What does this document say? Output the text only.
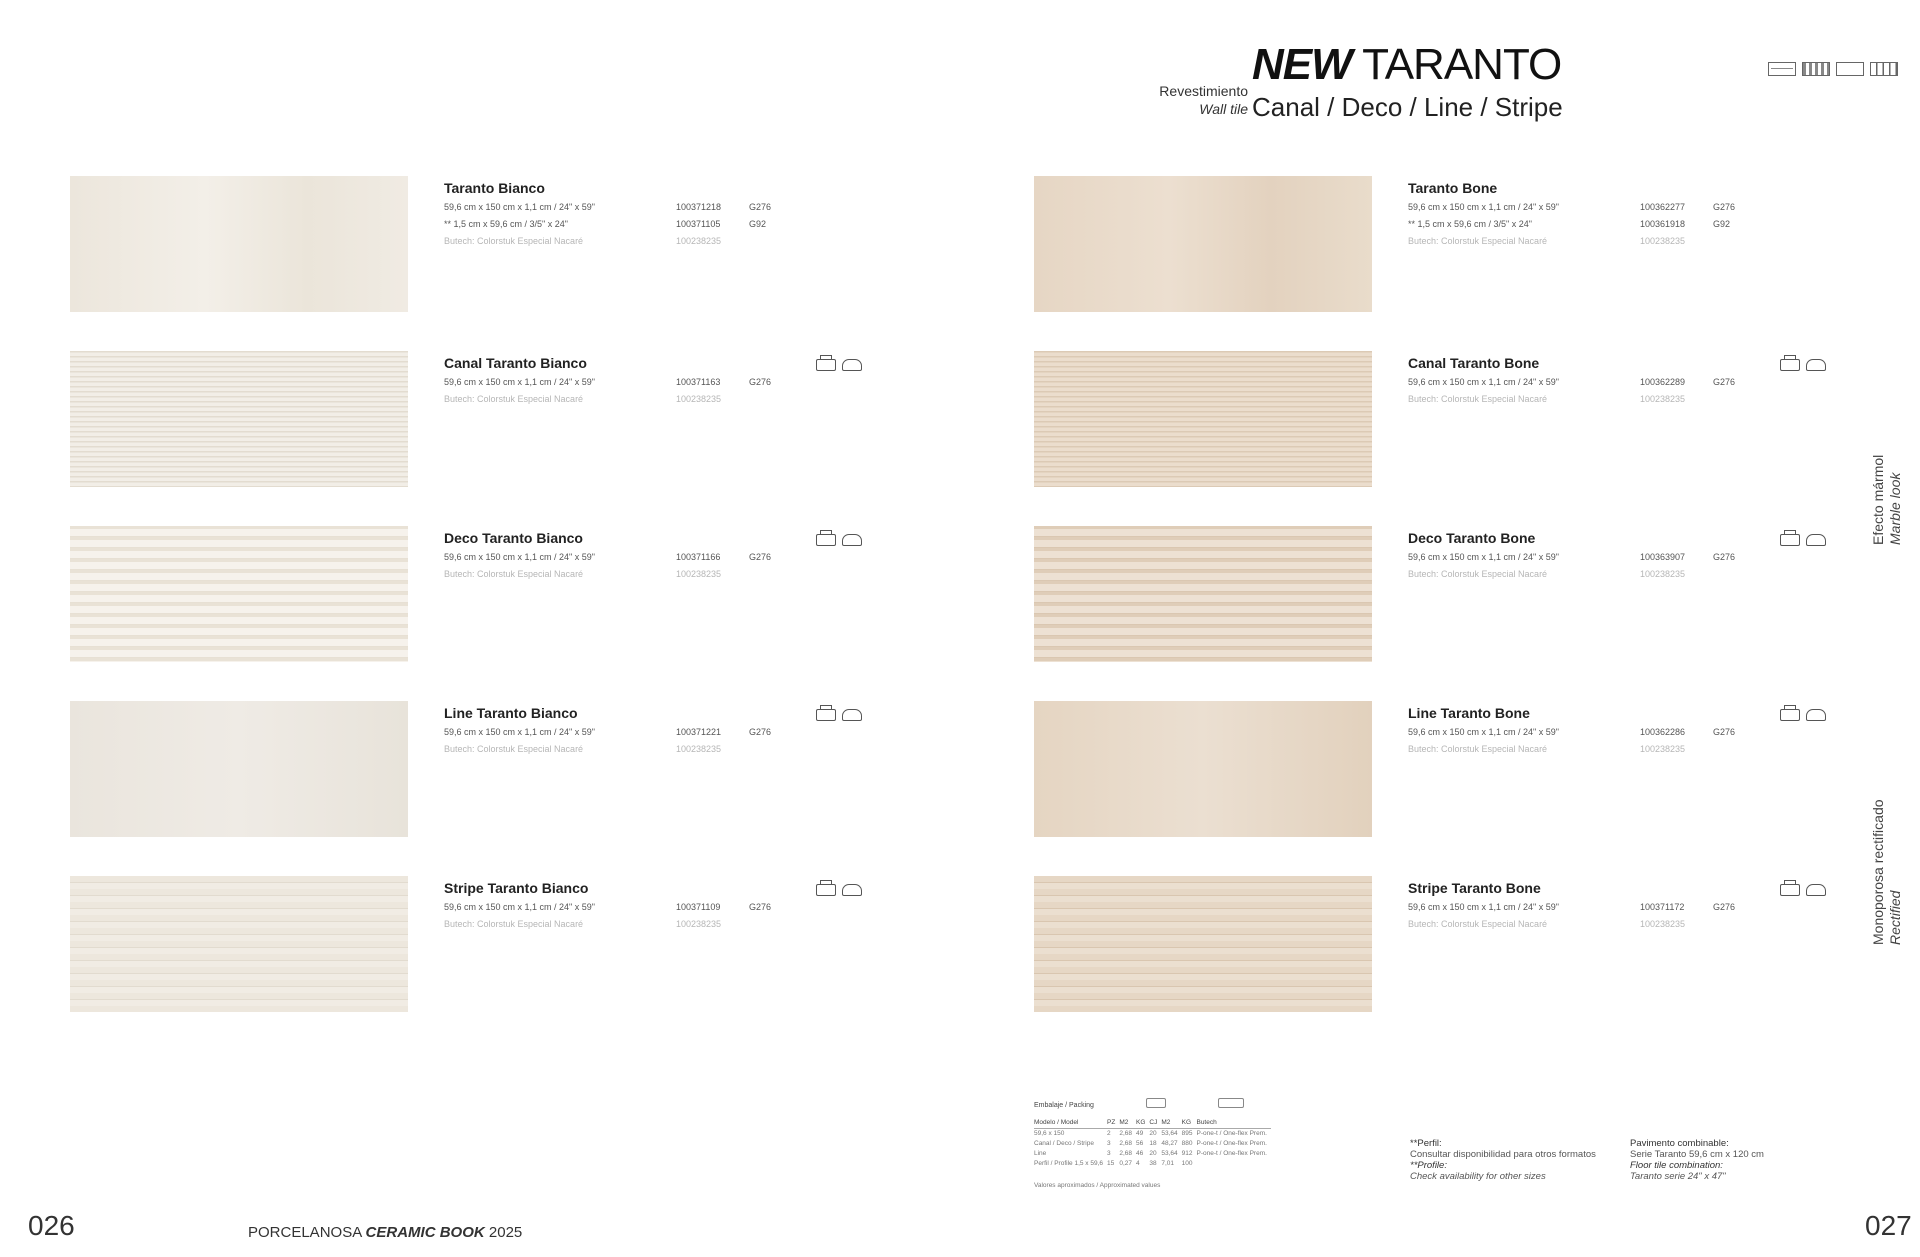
NEW TARANTO
Revestimiento
Wall tile Canal / Deco / Line / Stripe
Taranto Bianco
59,6 cm x 150 cm x 1,1 cm / 24" x 59"	100371218	G276
** 1,5 cm x 59,6 cm / 3/5" x 24"	100371105	G92
Butech: Colorstuk Especial Nacaré	100238235
Canal Taranto Bianco
59,6 cm x 150 cm x 1,1 cm / 24" x 59"	100371163	G276
Butech: Colorstuk Especial Nacaré	100238235
Deco Taranto Bianco
59,6 cm x 150 cm x 1,1 cm / 24" x 59"	100371166	G276
Butech: Colorstuk Especial Nacaré	100238235
Line Taranto Bianco
59,6 cm x 150 cm x 1,1 cm / 24" x 59"	100371221	G276
Butech: Colorstuk Especial Nacaré	100238235
Stripe Taranto Bianco
59,6 cm x 150 cm x 1,1 cm / 24" x 59"	100371109	G276
Butech: Colorstuk Especial Nacaré	100238235
Taranto Bone
59,6 cm x 150 cm x 1,1 cm / 24" x 59"	100362277	G276
** 1,5 cm x 59,6 cm / 3/5" x 24"	100361918	G92
Butech: Colorstuk Especial Nacaré	100238235
Canal Taranto Bone
59,6 cm x 150 cm x 1,1 cm / 24" x 59"	100362289	G276
Butech: Colorstuk Especial Nacaré	100238235
Deco Taranto Bone
59,6 cm x 150 cm x 1,1 cm / 24" x 59"	100363907	G276
Butech: Colorstuk Especial Nacaré	100238235
Line Taranto Bone
59,6 cm x 150 cm x 1,1 cm / 24" x 59"	100362286	G276
Butech: Colorstuk Especial Nacaré	100238235
Stripe Taranto Bone
59,6 cm x 150 cm x 1,1 cm / 24" x 59"	100371172	G276
Butech: Colorstuk Especial Nacaré	100238235
Efecto mármol Marble look
Monoporosa rectificado Rectified
Embalaje / Packing
Modelo / Model	PZ	M2	KG	CJ	M2	KG	Butech
59,6 x 150	2	2,68	49	20	53,64	895	P-one-t / One-flex Prem.
Canal / Deco / Stripe	3	2,68	56	18	48,27	880	P-one-t / One-flex Prem.
Line	3	2,68	46	20	53,64	912	P-one-t / One-flex Prem.
Perfil / Profile 1,5 x 59,6	15	0,27	4	38	7,01	100	
Valores aproximados / Approximated values
**Perfil:
Consultar disponibilidad para otros formatos
**Profile:
Check availability for other sizes
Pavimento combinable:
Serie Taranto 59,6 cm x 120 cm
Floor tile combination:
Taranto serie 24" x 47"
026	027
PORCELANOSA CERAMIC BOOK 2025
